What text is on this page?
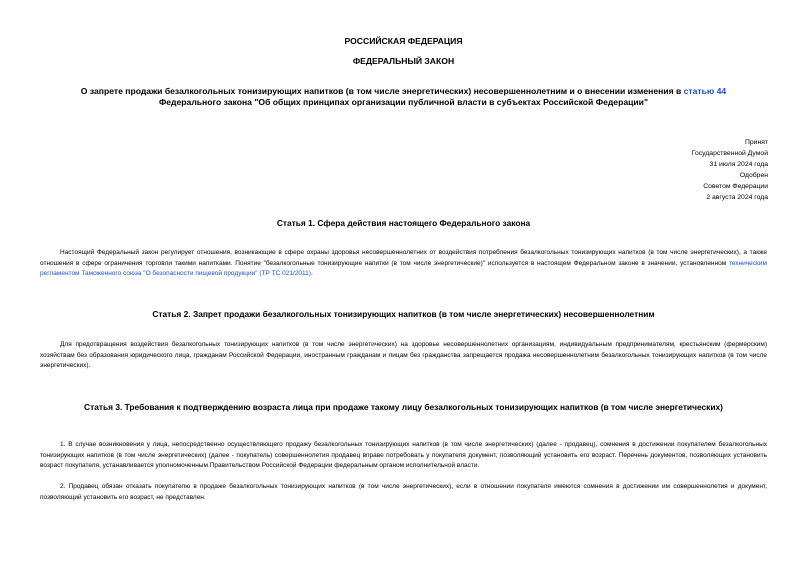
РОССИЙСКАЯ ФЕДЕРАЦИЯ
ФЕДЕРАЛЬНЫЙ ЗАКОН
О запрете продажи безалкогольных тонизирующих напитков (в том числе энергетических) несовершеннолетним и о внесении изменения в статью 44
Федерального закона "Об общих принципах организации публичной власти в субъектах Российской Федерации"
Принят
Государственной Думой
31 июля 2024 года
Одобрен
Советом Федерации
2 августа 2024 года
Статья 1. Сфера действия настоящего Федерального закона
Настоящий Федеральный закон регулирует отношения, возникающие в сфере охраны здоровья несовершеннолетних от воздействия потребления безалкогольных тонизирующих напитков (в том числе энергетических), а также отношения в сфере ограничения торговли такими напитками. Понятие "безалкогольные тонизирующие напитки (в том числе энергетические)" используется в настоящем Федеральном законе в значении, установленном техническим регламентом Таможенного союза "О безопасности пищевой продукции" (ТР ТС 021/2011).
Статья 2. Запрет продажи безалкогольных тонизирующих напитков (в том числе энергетических) несовершеннолетним
Для предотвращения воздействия безалкогольных тонизирующих напитков (в том числе энергетических) на здоровье несовершеннолетних организациям, индивидуальным предпринимателям, крестьянским (фермерским) хозяйствам без образования юридического лица, гражданам Российской Федерации, иностранным гражданам и лицам без гражданства запрещается продажа несовершеннолетним безалкогольных тонизирующих напитков (в том числе энергетических).
Статья 3. Требования к подтверждению возраста лица при продаже такому лицу безалкогольных тонизирующих напитков (в том числе энергетических)
1. В случае возникновения у лица, непосредственно осуществляющего продажу безалкогольных тонизирующих напитков (в том числе энергетических) (далее - продавец), сомнения в достижении покупателем безалкогольных тонизирующих напитков (в том числе энергетических) (далее - покупатель) совершеннолетия продавец вправе потребовать у покупателя документ, позволяющий установить его возраст. Перечень документов, позволяющих установить возраст покупателя, устанавливается уполномоченным Правительством Российской Федерации федеральным органом исполнительной власти.
2. Продавец обязан отказать покупателю в продаже безалкогольных тонизирующих напитков (в том числе энергетических), если в отношении покупателя имеются сомнения в достижении им совершеннолетия и документ, позволяющий установить его возраст, не представлен.
